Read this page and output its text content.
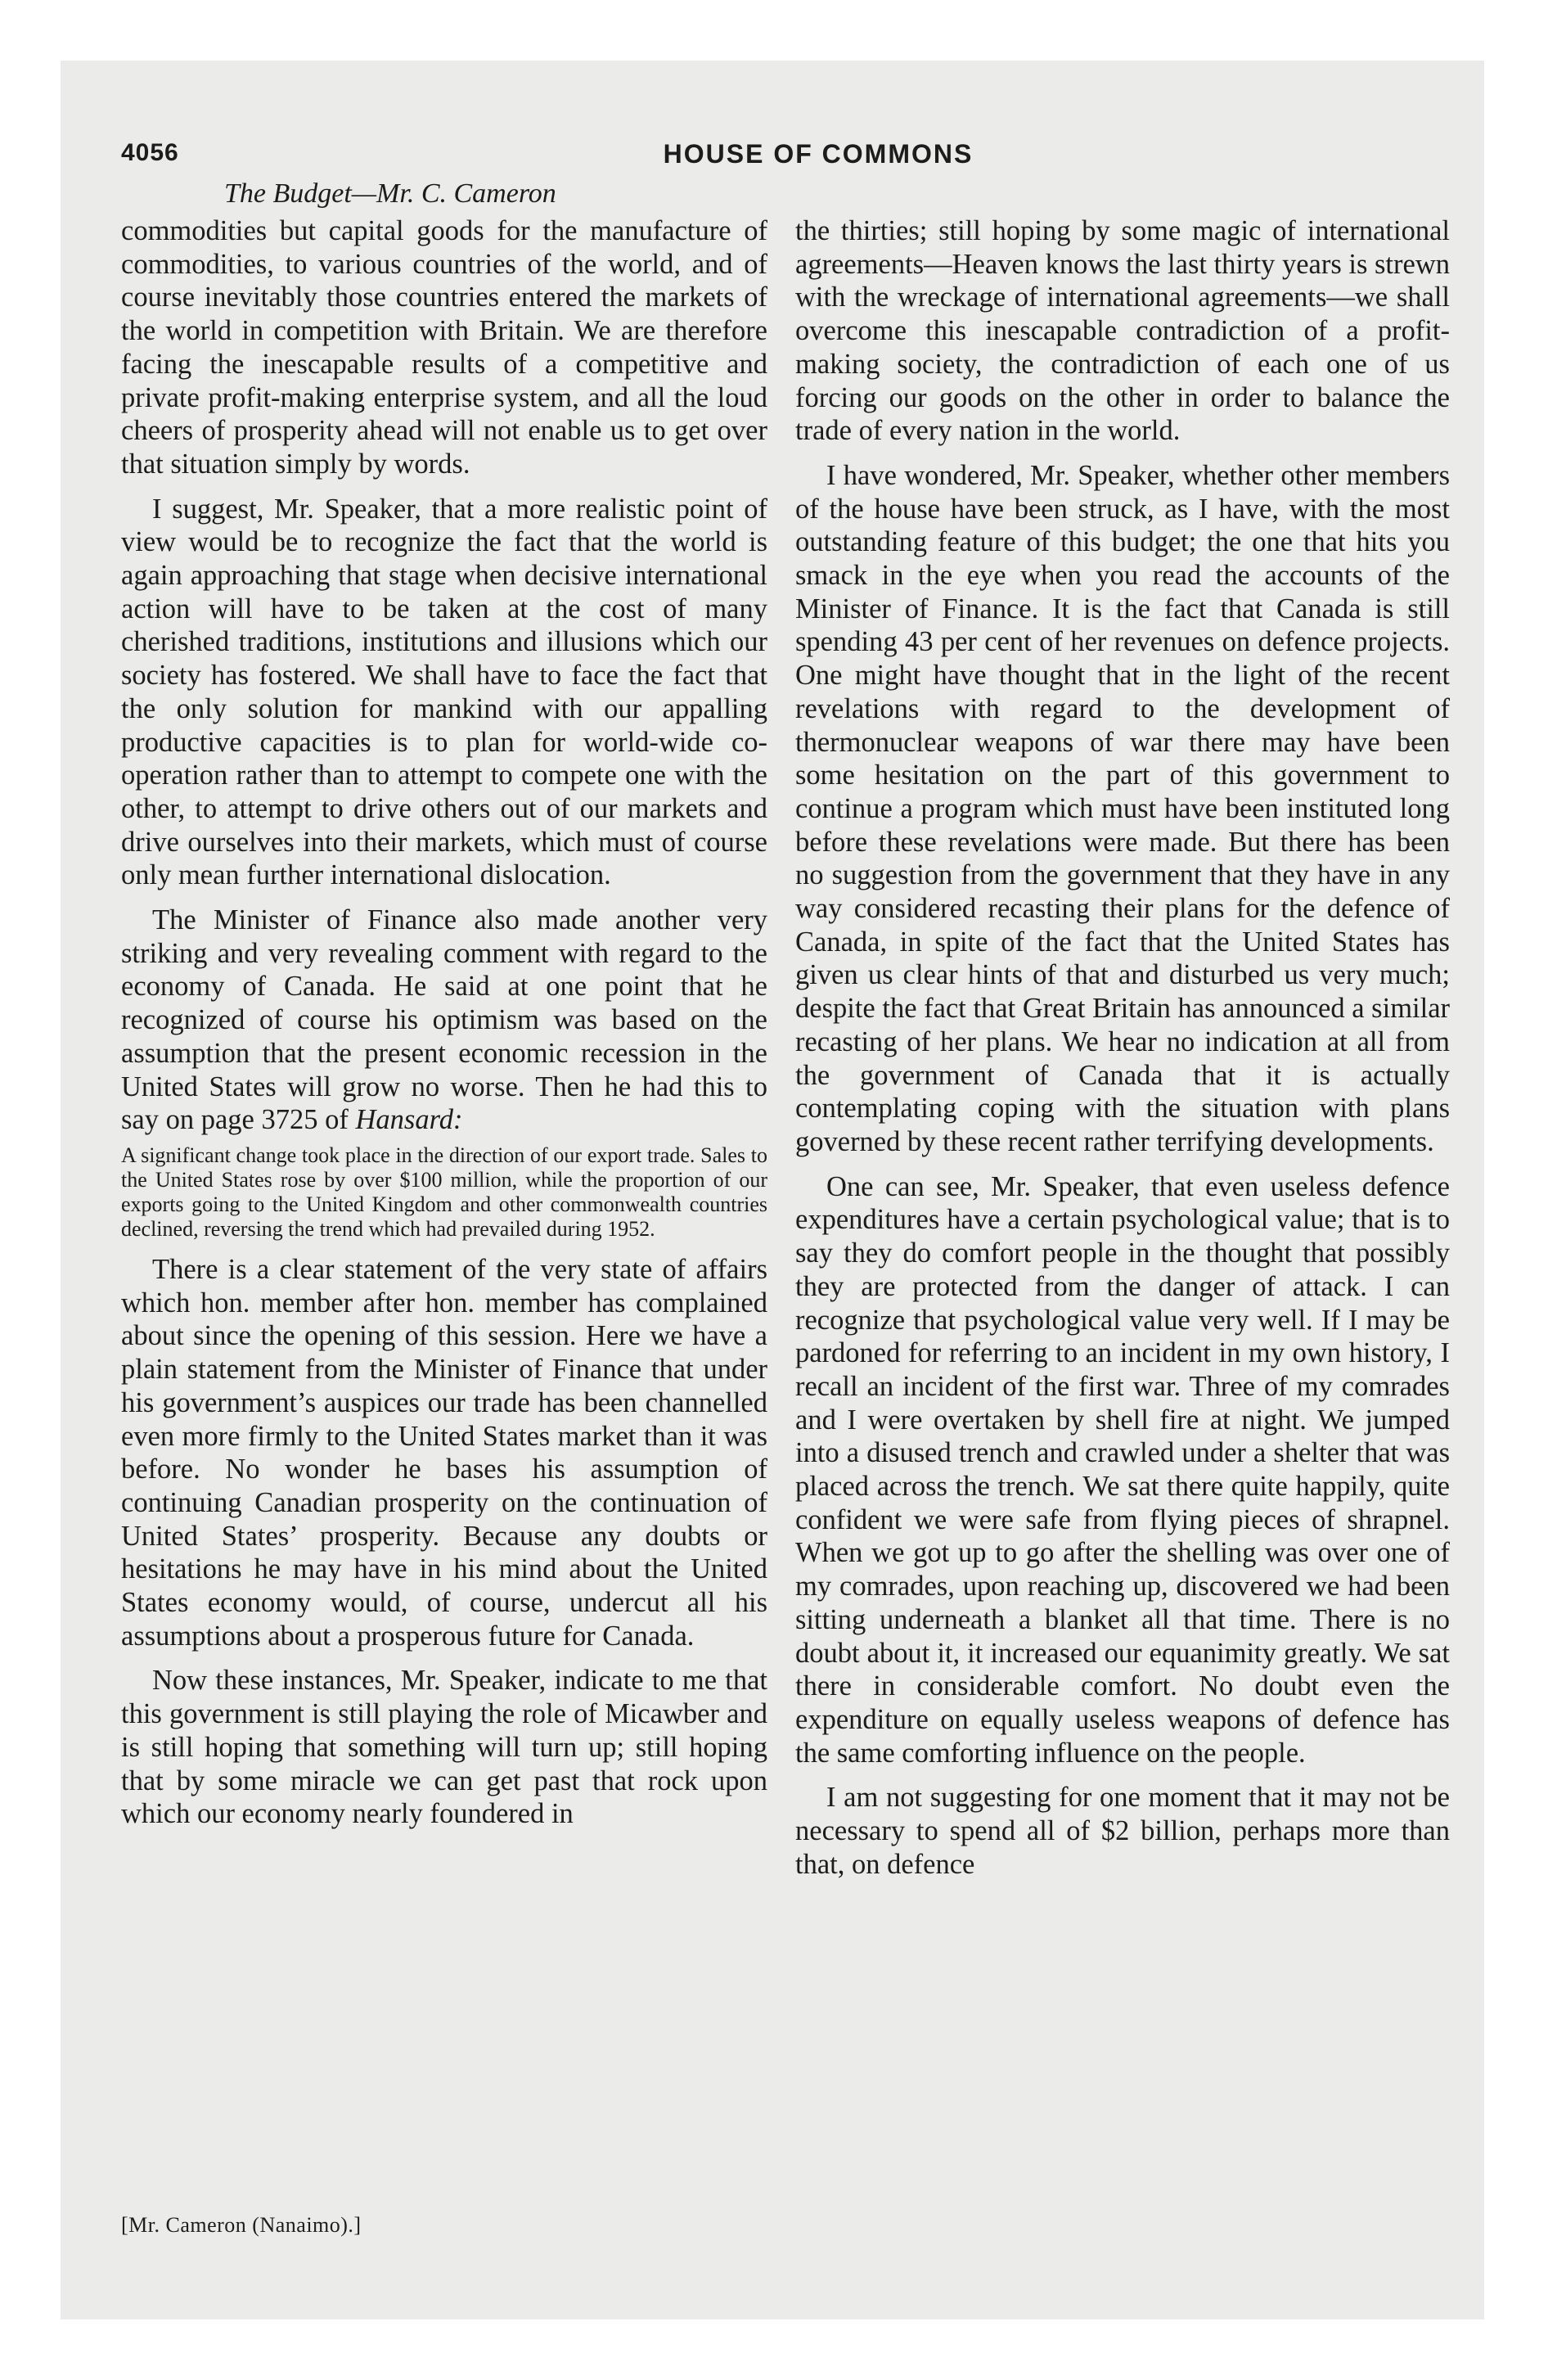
4056	HOUSE OF COMMONS
The Budget—Mr. C. Cameron

commodities but capital goods for the manufacture of commodities, to various countries of the world, and of course inevitably those countries entered the markets of the world in competition with Britain. We are therefore facing the inescapable results of a competitive and private profit-making enterprise system, and all the loud cheers of prosperity ahead will not enable us to get over that situation simply by words.

I suggest, Mr. Speaker, that a more realistic point of view would be to recognize the fact that the world is again approaching that stage when decisive international action will have to be taken at the cost of many cherished traditions, institutions and illusions which our society has fostered. We shall have to face the fact that the only solution for mankind with our appalling productive capacities is to plan for world-wide co-operation rather than to attempt to compete one with the other, to attempt to drive others out of our markets and drive ourselves into their markets, which must of course only mean further international dislocation.

The Minister of Finance also made another very striking and very revealing comment with regard to the economy of Canada. He said at one point that he recognized of course his optimism was based on the assumption that the present economic recession in the United States will grow no worse. Then he had this to say on page 3725 of Hansard:

A significant change took place in the direction of our export trade. Sales to the United States rose by over $100 million, while the proportion of our exports going to the United Kingdom and other commonwealth countries declined, reversing the trend which had prevailed during 1952.

There is a clear statement of the very state of affairs which hon. member after hon. member has complained about since the opening of this session. Here we have a plain statement from the Minister of Finance that under his government’s auspices our trade has been channelled even more firmly to the United States market than it was before. No wonder he bases his assumption of continuing Canadian prosperity on the continuation of United States’ prosperity. Because any doubts or hesitations he may have in his mind about the United States economy would, of course, undercut all his assumptions about a prosperous future for Canada.

Now these instances, Mr. Speaker, indicate to me that this government is still playing the role of Micawber and is still hoping that something will turn up; still hoping that by some miracle we can get past that rock upon which our economy nearly foundered in

the thirties; still hoping by some magic of international agreements—Heaven knows the last thirty years is strewn with the wreckage of international agreements—we shall overcome this inescapable contradiction of a profit-making society, the contradiction of each one of us forcing our goods on the other in order to balance the trade of every nation in the world.

I have wondered, Mr. Speaker, whether other members of the house have been struck, as I have, with the most outstanding feature of this budget; the one that hits you smack in the eye when you read the accounts of the Minister of Finance. It is the fact that Canada is still spending 43 per cent of her revenues on defence projects. One might have thought that in the light of the recent revelations with regard to the development of thermonuclear weapons of war there may have been some hesitation on the part of this government to continue a program which must have been instituted long before these revelations were made. But there has been no suggestion from the government that they have in any way considered recasting their plans for the defence of Canada, in spite of the fact that the United States has given us clear hints of that and disturbed us very much; despite the fact that Great Britain has announced a similar recasting of her plans. We hear no indication at all from the government of Canada that it is actually contemplating coping with the situation with plans governed by these recent rather terrifying developments.

One can see, Mr. Speaker, that even useless defence expenditures have a certain psychological value; that is to say they do comfort people in the thought that possibly they are protected from the danger of attack. I can recognize that psychological value very well. If I may be pardoned for referring to an incident in my own history, I recall an incident of the first war. Three of my comrades and I were overtaken by shell fire at night. We jumped into a disused trench and crawled under a shelter that was placed across the trench. We sat there quite happily, quite confident we were safe from flying pieces of shrapnel. When we got up to go after the shelling was over one of my comrades, upon reaching up, discovered we had been sitting underneath a blanket all that time. There is no doubt about it, it increased our equanimity greatly. We sat there in considerable comfort. No doubt even the expenditure on equally useless weapons of defence has the same comforting influence on the people.

I am not suggesting for one moment that it may not be necessary to spend all of $2 billion, perhaps more than that, on defence

[Mr. Cameron (Nanaimo).]
